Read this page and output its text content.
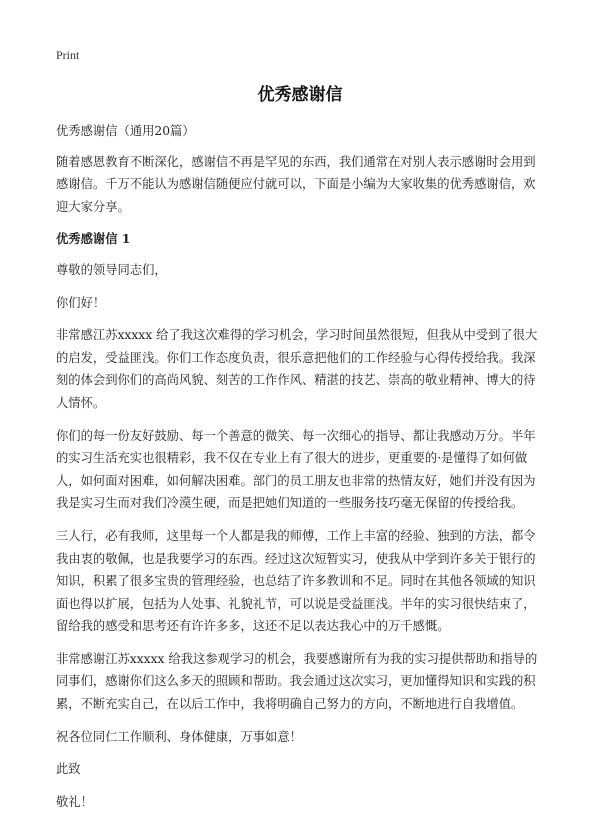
Print
优秀感谢信

优秀感谢信（通用20篇）

随着感恩教育不断深化，感谢信不再是罕见的东西，我们通常在对别人表示感谢时会用到感谢信。千万不能认为感谢信随便应付就可以，下面是小编为大家收集的优秀感谢信，欢迎大家分享。

优秀感谢信 1

尊敬的领导同志们，

你们好！

非常感江苏xxxxx 给了我这次难得的学习机会，学习时间虽然很短，但我从中受到了很大的启发，受益匪浅。你们工作态度负责，很乐意把他们的工作经验与心得传授给我。我深刻的体会到你们的高尚风貌、刻苦的工作作风、精湛的技艺、崇高的敬业精神、博大的待人情怀。

你们的每一份友好鼓励、每一个善意的微笑、每一次细心的指导、都让我感动万分。半年的实习生活充实也很精彩，我不仅在专业上有了很大的进步，更重要的·是懂得了如何做人，如何面对困难，如何解决困难。部门的员工朋友也非常的热情友好，她们并没有因为我是实习生而对我们冷漠生硬，而是把她们知道的一些服务技巧毫无保留的传授给我。

三人行，必有我师，这里每一个人都是我的师傅，工作上丰富的经验、独到的方法，都令我由衷的敬佩，也是我要学习的东西。经过这次短暂实习，使我从中学到许多关于银行的知识，积累了很多宝贵的管理经验，也总结了许多教训和不足。同时在其他各领域的知识面也得以扩展，包括为人处事、礼貌礼节，可以说是受益匪浅。半年的实习很快结束了，留给我的感受和思考还有许许多多，这还不足以表达我心中的万千感慨。

非常感谢江苏xxxxx 给我这参观学习的机会，我要感谢所有为我的实习提供帮助和指导的同事们，感谢你们这么多天的照顾和帮助。我会通过这次实习，更加懂得知识和实践的积累，不断充实自己，在以后工作中，我将明确自己努力的方向，不断地进行自我增值。

祝各位同仁工作顺利、身体健康，万事如意！

此致

敬礼！
